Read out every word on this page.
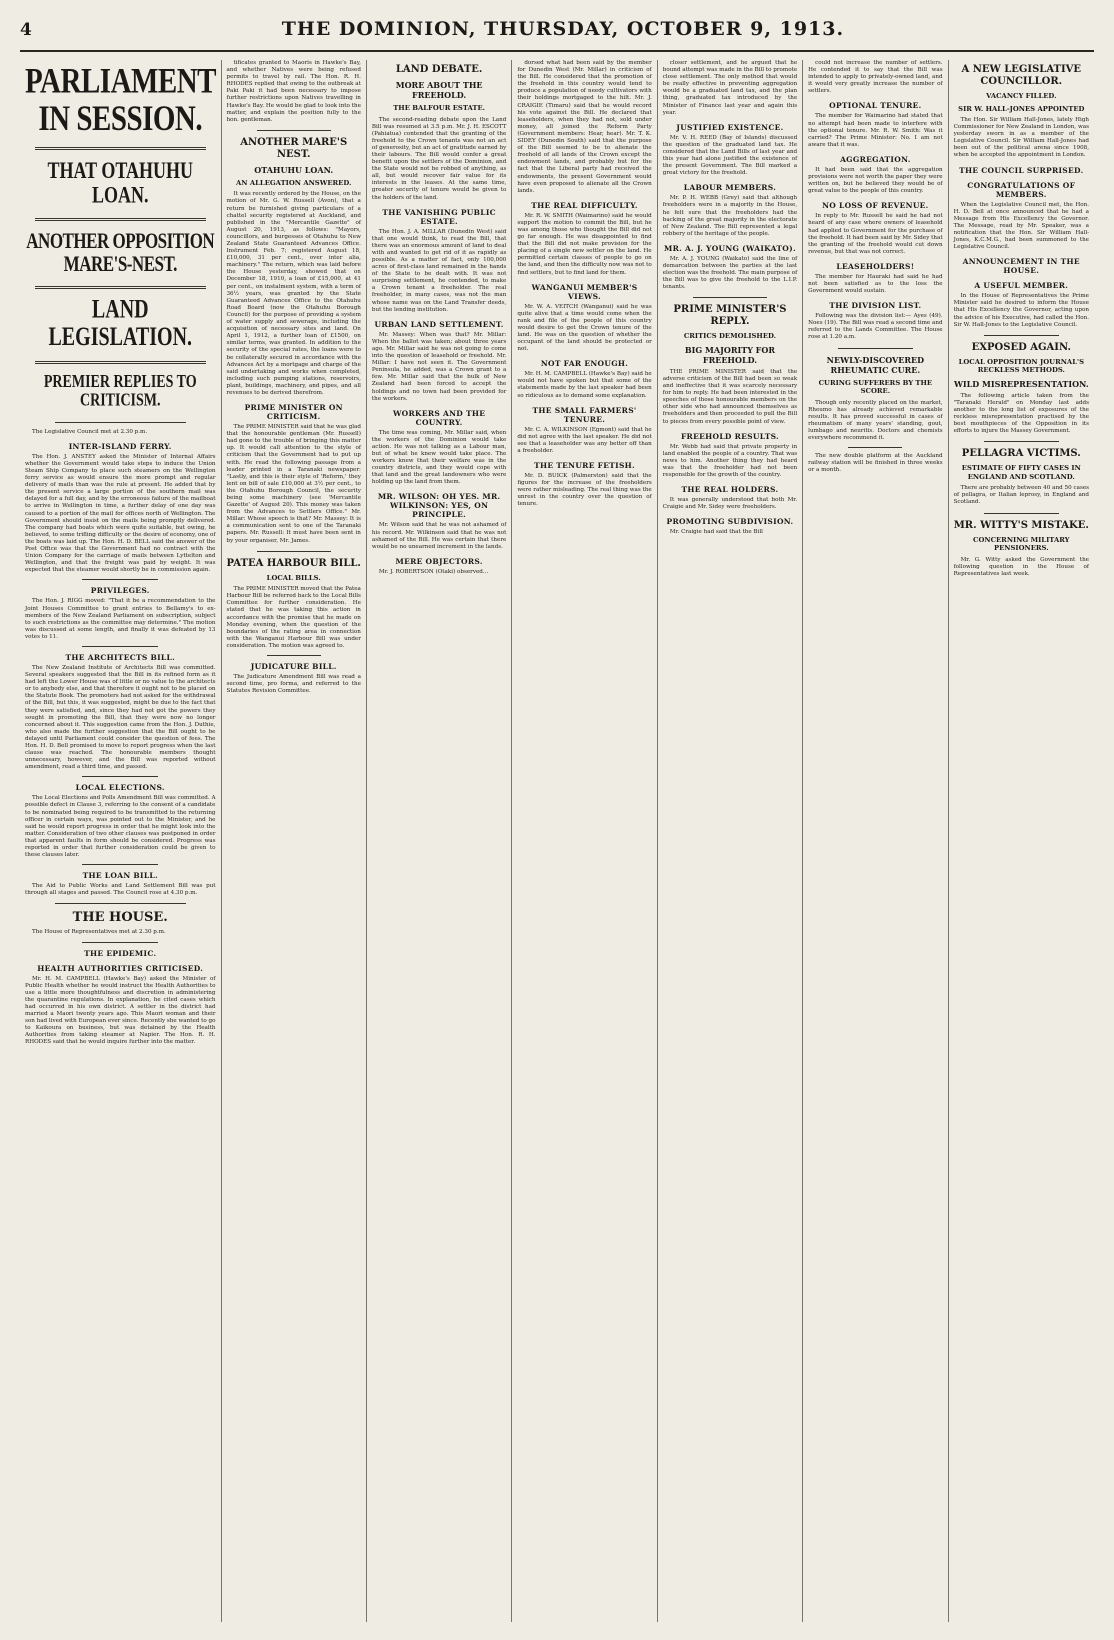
4	THE DOMINION, THURSDAY, OCTOBER 9, 1913.
PARLIAMENT IN SESSION.
THAT OTAHUHU LOAN.
ANOTHER OPPOSITION MARE'S-NEST.
LAND LEGISLATION.
PREMIER REPLIES TO CRITICISM.

The Legislative Council met at 2.30 p.m.

INTER-ISLAND FERRY.

The Hon. J. ANSTEY asked the Minister of Internal Affairs whether the Government would take steps to induce the Union Steam Ship Company to place such steamers on the Wellington ferry service as would ensure the more prompt and regular delivery of mails than was the rule at present. He added that by the present service a large portion of the southern mail was delayed for a full day, and by the erroneous failure of the mailboat to arrive in Wellington in time, a further delay of one day was caused to a portion of the mail for offices north of Wellington. The Government should insist on the mails being promptly delivered. The company had boats which were quite suitable, but owing, he believed, to some trifling difficulty or the desire of economy, one of the boats was laid up. The Hon. H. D. BELL said the answer of the Post Office was that the Government had no contract with the Union Company for the carriage of mails between Lyttelton and Wellington, and that the freight was paid by weight. It was expected that the steamer would shortly be in commission again.

PRIVILEGES.

The Hon. J. RIGG moved: "That it be a recommendation to the Joint Houses Committee to grant entries to Bellamy's to ex-members of the New Zealand Parliament on subscription, subject to such restrictions as the committee may determine." The motion was discussed at some length, and finally it was defeated by 13 votes to 11.

THE ARCHITECTS BILL.

The New Zealand Institute of Architects Bill was committed. Several speakers suggested that the Bill in its refined form as it had left the Lower House was of little or no value to the architects or to anybody else, and that therefore it ought not to be placed on the Statute Book. The promoters had not asked for the withdrawal of the Bill, but this, it was suggested, might be due to the fact that they were satisfied, and, since they had not got the powers they sought in promoting the Bill, that they were now no longer concerned about it. This suggestion came from the Hon. J. Duthie, who also made the further suggestion that the Bill ought to be delayed until Parliament could consider the question of fees. The Hon. H. D. Bell promised to move to report progress when the last clause was reached. The honourable members thought unnecessary, however, and the Bill was reported without amendment, read a third time, and passed.

LOCAL ELECTIONS.

The Local Elections and Polls Amendment Bill was committed. A possible defect in Clause 3, referring to the consent of a candidate to be nominated being required to be transmitted to the returning officer in certain ways, was pointed out to the Minister, and he said he would report progress in order that he might look into the matter. Consideration of two other clauses was postponed in order that apparent faults in form should be considered. Progress was reported in order that further consideration could be given to these clauses later.

THE LOAN BILL.

The Aid to Public Works and Land Settlement Bill was put through all stages and passed. The Council rose at 4.30 p.m.

THE HOUSE.

The House of Representatives met at 2.30 p.m.

THE EPIDEMIC.
HEALTH AUTHORITIES CRITICISED.

Mr. H. M. CAMPBELL (Hawke's Bay) asked the Minister of Public Health whether he would instruct the Health Authorities to use a little more thoughtfulness and discretion in administering the quarantine regulations. In explanation, he cited cases which had occurred in his own district. A settler in the district had married a Maori twenty years ago. This Maori woman and their son had lived with European ever since. Recently she wanted to go to Kaikoura on business, but was detained by the Health Authorities from taking steamer at Napier. The Hon. R. H. RHODES said that he would inquire further into the matter.

tificates granted to Maoris in Hawke's Bay, and whether Natives were being refused permits to travel by rail. The Hon. R. H. RHODES replied that owing to the outbreak at Paki Paki it had been necessary to impose further restrictions upon Natives travelling in Hawke's Bay. He would be glad to look into the matter, and explain the position fully to the hon. gentleman.

ANOTHER MARE'S NEST.
OTAHUHU LOAN.
AN ALLEGATION ANSWERED.

It was recently ordered by the House, on the motion of Mr. G. W. Russell (Avon), that a return be furnished giving particulars of a chattel security registered at Auckland, and published in the "Mercantile Gazette" of August 20, 1913, as follows: "Mayors, councillors, and burgesses of Otahuhu to New Zealand State Guaranteed Advances Office. Instrument Feb. 7; registered August 18, £10,000, 31 per cent., over inter alia, machinery." The return, which was laid before the House yesterday, showed that on December 18, 1910, a loan of £15,000, at 41 per cent., on instalment system, with a term of 36½ years, was granted by the State Guaranteed Advances Office to the Otahuhu Road Board (now the Otahuhu Borough Council) for the purpose of providing a system of water supply and sewerage, including the acquisition of necessary sites and land. On April 1, 1912, a further loan of £1500, on similar terms, was granted. In addition to the security of the special rates, the loans were to be collaterally secured in accordance with the Advances Act by a mortgage and charge of the said undertaking and works when completed, including such pumping stations, reservoirs, plant, buildings, machinery, and pipes, and all revenues to be derived therefrom.

PRIME MINISTER ON CRITICISM.

The PRIME MINISTER said that he was glad that the honourable gentleman (Mr. Russell) had gone to the trouble of bringing this matter up. It would call attention to the style of criticism that the Government had to put up with. He read the following passage from a leader printed in a Taranaki newspaper: "Lastly, and this is their style of 'Reform,' they lent on bill of sale £10,000 at 3½ per cent., to the Otahuhu Borough Council, the security being some machinery (see 'Mercantile Gazette' of August 20). This money was taken from the Advances to Settlers Office." Mr. Millar: Whose speech is that? Mr. Massey: It is a communication sent to one of the Taranaki papers. Mr. Russell: It must have been sent in by your organiser, Mr. James.

PATEA HARBOUR BILL.
LOCAL BILLS.

The PRIME MINISTER moved that the Patea Harbour Bill be referred back to the Local Bills Committee for further consideration. He stated that he was taking this action in accordance with the promise that he made on Monday evening, when the question of the boundaries of the rating area in connection with the Wanganui Harbour Bill was under consideration. The motion was agreed to.

JUDICATURE BILL.

The Judicature Amendment Bill was read a second time, pro forma, and referred to the Statutes Revision Committee.

LAND DEBATE.
MORE ABOUT THE FREEHOLD.
THE BALFOUR ESTATE.

The second-reading debate upon the Land Bill was resumed at 3.5 p.m. Mr. J. H. ESCOTT (Pahiatua) contended that the granting of the freehold to the Crown tenants was not an act of generosity, but an act of gratitude earned by their labours. The Bill would confer a great benefit upon the settlers of the Dominion, and the State would not be robbed of anything, as all, but would recover fair value for its interests in the leases. At the same time, greater security of tenure would be given to the holders of the land.

THE VANISHING PUBLIC ESTATE.

The Hon. J. A. MILLAR (Dunedin West) said that one would think, to read the Bill, that there was an enormous amount of land to deal with and wanted to get rid of it as rapidly as possible. As a matter of fact, only 100,000 acres of first-class land remained in the hands of the State to be dealt with. It was not surprising settlement, he contended, to make a Crown tenant a freeholder. The real freeholder, in many cases, was not the man whose name was on the Land Transfer deeds, but the lending institution.

URBAN LAND SETTLEMENT.

Mr. Massey: When was that? Mr. Millar: When the ballot was taken; about three years ago. Mr. Millar said he was not going to come into the question of leasehold or freehold. Mr. Millar: I have not seen it. The Government Peninsula, he added, was a Crown grant to a few. Mr. Millar said that the bulk of New Zealand had been forced to accept the holdings and no town had been provided for the workers.

WORKERS AND THE COUNTRY.

The time was coming, Mr. Millar said, when the workers of the Dominion would take action. He was not talking as a Labour man, but of what he knew would take place. The workers knew that their welfare was in the country districts, and they would cope with that land and the great landowners who were holding up the land from them.

MR. WILSON: OH YES. MR. WILKINSON: YES, ON PRINCIPLE.

Mr. Wilson said that he was not ashamed of his record. Mr. Wilkinson said that he was not ashamed of the Bill. He was certain that there would be no unearned increment in the lands.

MERE OBJECTORS.

Mr. J. ROBERTSON (Otaki) observed...

dorsed what had been said by the member for Dunedin West (Mr. Millar) in criticism of the Bill. He considered that the promotion of the freehold in this country would tend to produce a population of needy cultivators with their holdings mortgaged to the hilt. Mr. J. CRAIGIE (Timaru) said that he would record his vote against the Bill. He declared that leaseholders, when they had not, sold under money, all joined the Reform Party (Government members: Hear, hear). Mr. T. K. SIDEY (Dunedin South) said that the purpose of the Bill seemed to be to alienate the freehold of all lands of the Crown except the endowment lands, and probably but for the fact that the Liberal party had received the endowments, the present Government would have even proposed to alienate all the Crown lands.

THE REAL DIFFICULTY.

Mr. R. W. SMITH (Waimarino) said he would support the motion to commit the Bill, but he was among those who thought the Bill did not go far enough. He was disappointed to find that the Bill did not make provision for the placing of a single new settler on the land. He permitted certain classes of people to go on the land, and then the difficulty now was not to find settlers, but to find land for them.

WANGANUI MEMBER'S VIEWS.

Mr. W. A. VEITCH (Wanganui) said he was quite alive that a time would come when the rank and file of the people of this country would desire to get the Crown tenure of the land. He was on the question of whether the occupant of the land should be protected or not.

NOT FAR ENOUGH.

Mr. H. M. CAMPBELL (Hawke's Bay) said he would not have spoken but that some of the statements made by the last speaker had been so ridiculous as to demand some explanation.

THE SMALL FARMERS' TENURE.

Mr. C. A. WILKINSON (Egmont) said that he did not agree with the last speaker. He did not see that a leaseholder was any better off than a freeholder.

THE TENURE FETISH.

Mr. D. BUICK (Palmerston) said that the figures for the increase of the freeholders were rather misleading. The real thing was the unrest in the country over the question of tenure.

closer settlement, and he argued that he bound attempt was made in the Bill to promote close settlement. The only method that would be really effective in preventing aggregation would be a graduated land tax, and the plan thing, graduated tax introduced by the Minister of Finance last year and again this year.

JUSTIFIED EXISTENCE.

Mr. V. H. REED (Bay of Islands) discussed the question of the graduated land tax. He considered that the Land Bills of last year and this year had alone justified the existence of the present Government. The Bill marked a great victory for the freehold.

LABOUR MEMBERS.

Mr. P. H. WEBB (Grey) said that although freeholders were in a majority in the House, he felt sure that the freeholders had the backing of the great majority in the electorate of New Zealand. The Bill represented a legal robbery of the heritage of the people.

MR. A. J. YOUNG (WAIKATO).

Mr. A. J. YOUNG (Waikato) said the line of demarcation between the parties at the last election was the freehold. The main purpose of the Bill was to give the freehold to the L.I.P. tenants.

PRIME MINISTER'S REPLY.
CRITICS DEMOLISHED.
BIG MAJORITY FOR FREEHOLD.

THE PRIME MINISTER said that the adverse criticism of the Bill had been so weak and ineffective that it was scarcely necessary for him to reply. He had been interested in the speeches of those honourable members on the other side who had announced themselves as freeholders and then proceeded to pull the Bill to pieces from every possible point of view.

FREEHOLD RESULTS.

Mr. Webb had said that private property in land enabled the people of a country. That was news to him. Another thing they had heard was that the freeholder had not been responsible for the growth of the country.

THE REAL HOLDERS.

It was generally understood that both Mr. Craigie and Mr. Sidey were freeholders.

PROMOTING SUBDIVISION.

Mr. Craigie had said that the Bill

could not increase the number of settlers. He contended it to say that the Bill was intended to apply to privately-owned land, and it would very greatly increase the number of settlers.

OPTIONAL TENURE.

The member for Waimarino had stated that no attempt had been made to interfere with the optional tenure. Mr. R. W. Smith: Was it carried? The Prime Minister: No. I am not aware that it was.

AGGREGATION.

It had been said that the aggregation provisions were not worth the paper they were written on, but he believed they would be of great value to the people of this country.

NO LOSS OF REVENUE.

In reply to Mr. Russell he said he had not heard of any case where owners of leasehold had applied to Government for the purchase of the freehold. It had been said by Mr. Sidey that the granting of the freehold would cut down revenue, but that was not correct.

LEASEHOLDERS!

The member for Hauraki had said he had not been satisfied as to the loss the Government would sustain.

THE DIVISION LIST.

Following was the division list:— Ayes (49). Noes (19). The Bill was read a second time and referred to the Lands Committee. The House rose at 1.20 a.m.

NEWLY-DISCOVERED RHEUMATIC CURE.
CURING SUFFERERS BY THE SCORE.

Though only recently placed on the market, Rheumo has already achieved remarkable results. It has proved successful in cases of rheumatism of many years' standing, gout, lumbago and neuritis. Doctors and chemists everywhere recommend it.

The new double platform at the Auckland railway station will be finished in three weeks or a month.

A NEW LEGISLATIVE COUNCILLOR.
VACANCY FILLED.
SIR W. HALL-JONES APPOINTED

The Hon. Sir William Hall-Jones, lately High Commissioner for New Zealand in London, was yesterday sworn in as a member of the Legislative Council. Sir William Hall-Jones had been out of the political arena since 1908, when he accepted the appointment in London.

THE COUNCIL SURPRISED.
CONGRATULATIONS OF MEMBERS.

When the Legislative Council met, the Hon. H. D. Bell at once announced that he had a Message from His Excellency the Governor. The Message, read by Mr. Speaker, was a notification that the Hon. Sir William Hall-Jones, K.C.M.G., had been summoned to the Legislative Council.

ANNOUNCEMENT IN THE HOUSE.
A USEFUL MEMBER.

In the House of Representatives the Prime Minister said he desired to inform the House that His Excellency the Governor, acting upon the advice of his Executive, had called the Hon. Sir W. Hall-Jones to the Legislative Council.

EXPOSED AGAIN.
LOCAL OPPOSITION JOURNAL'S RECKLESS METHODS.
WILD MISREPRESENTATION.

The following article taken from the "Taranaki Herald" on Monday last adds another to the long list of exposures of the reckless misrepresentation practised by the best mouthpieces of the Opposition in its efforts to injure the Massey Government.

PELLAGRA VICTIMS.
ESTIMATE OF FIFTY CASES IN ENGLAND AND SCOTLAND.

There are probably between 40 and 50 cases of pellagra, or Italian leprosy, in England and Scotland.

MR. WITTY'S MISTAKE.
CONCERNING MILITARY PENSIONERS.

Mr. G. Witty asked the Government the following question in the House of Representatives last week.
